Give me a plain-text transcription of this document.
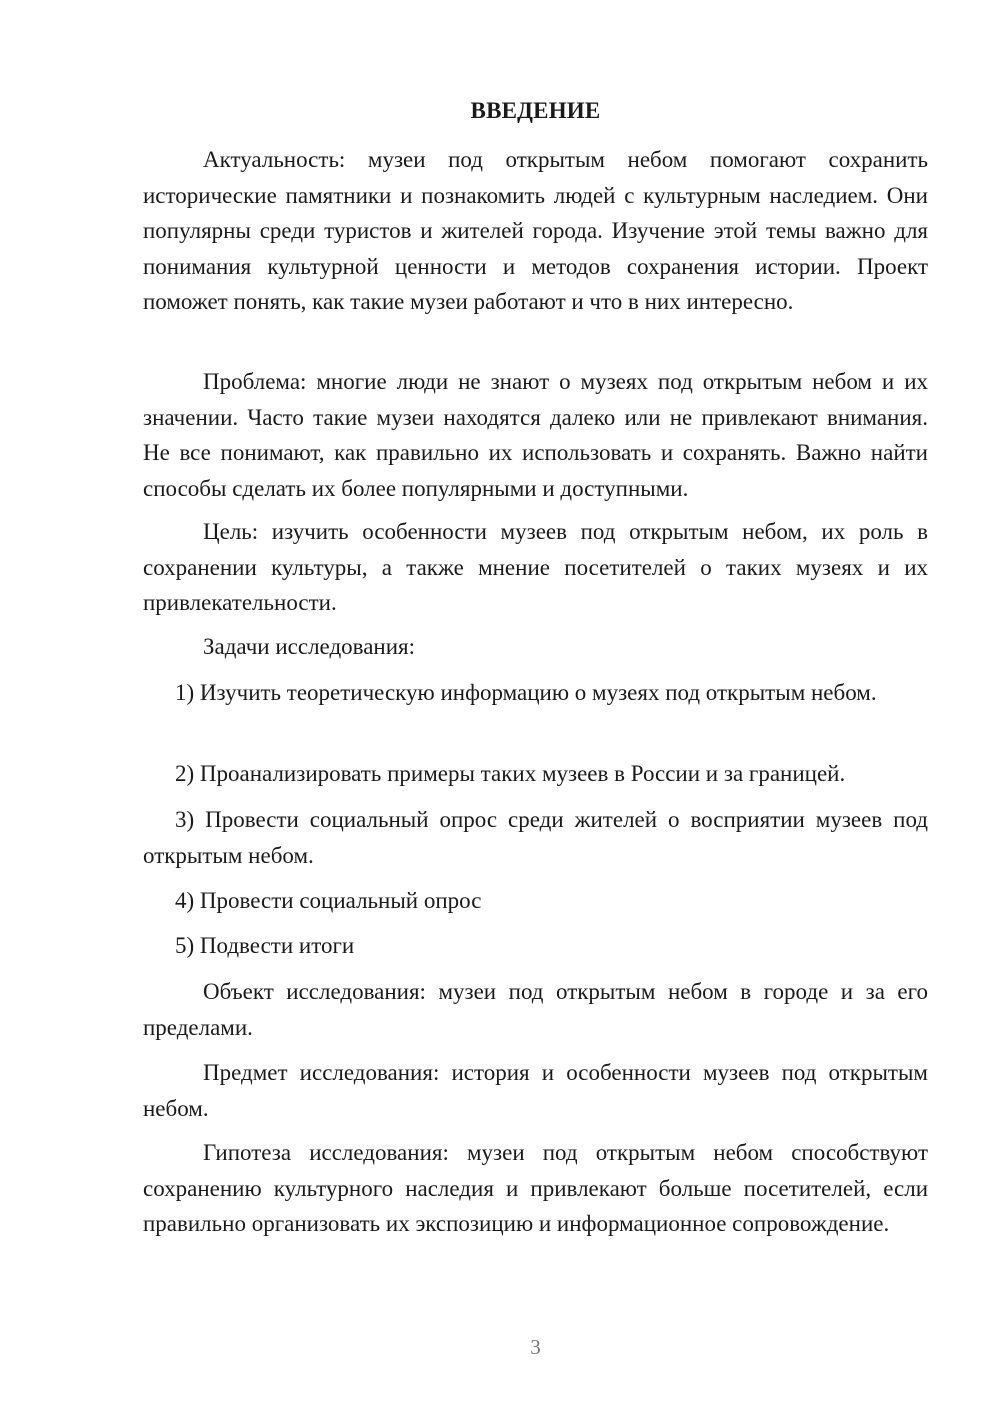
ВВЕДЕНИЕ

Актуальность: музеи под открытым небом помогают сохранить исторические памятники и познакомить людей с культурным наследием. Они популярны среди туристов и жителей города. Изучение этой темы важно для понимания культурной ценности и методов сохранения истории. Проект поможет понять, как такие музеи работают и что в них интересно.

Проблема: многие люди не знают о музеях под открытым небом и их значении. Часто такие музеи находятся далеко или не привлекают внимания. Не все понимают, как правильно их использовать и сохранять. Важно найти способы сделать их более популярными и доступными.

Цель: изучить особенности музеев под открытым небом, их роль в сохранении культуры, а также мнение посетителей о таких музеях и их привлекательности.

Задачи исследования:

1) Изучить теоретическую информацию о музеях под открытым небом.

2) Проанализировать примеры таких музеев в России и за границей.

3) Провести социальный опрос среди жителей о восприятии музеев под открытым небом.

4) Провести социальный опрос

5) Подвести итоги

Объект исследования: музеи под открытым небом в городе и за его пределами.

Предмет исследования: история и особенности музеев под открытым небом.

Гипотеза исследования: музеи под открытым небом способствуют сохранению культурного наследия и привлекают больше посетителей, если правильно организовать их экспозицию и информационное сопровождение.

3
